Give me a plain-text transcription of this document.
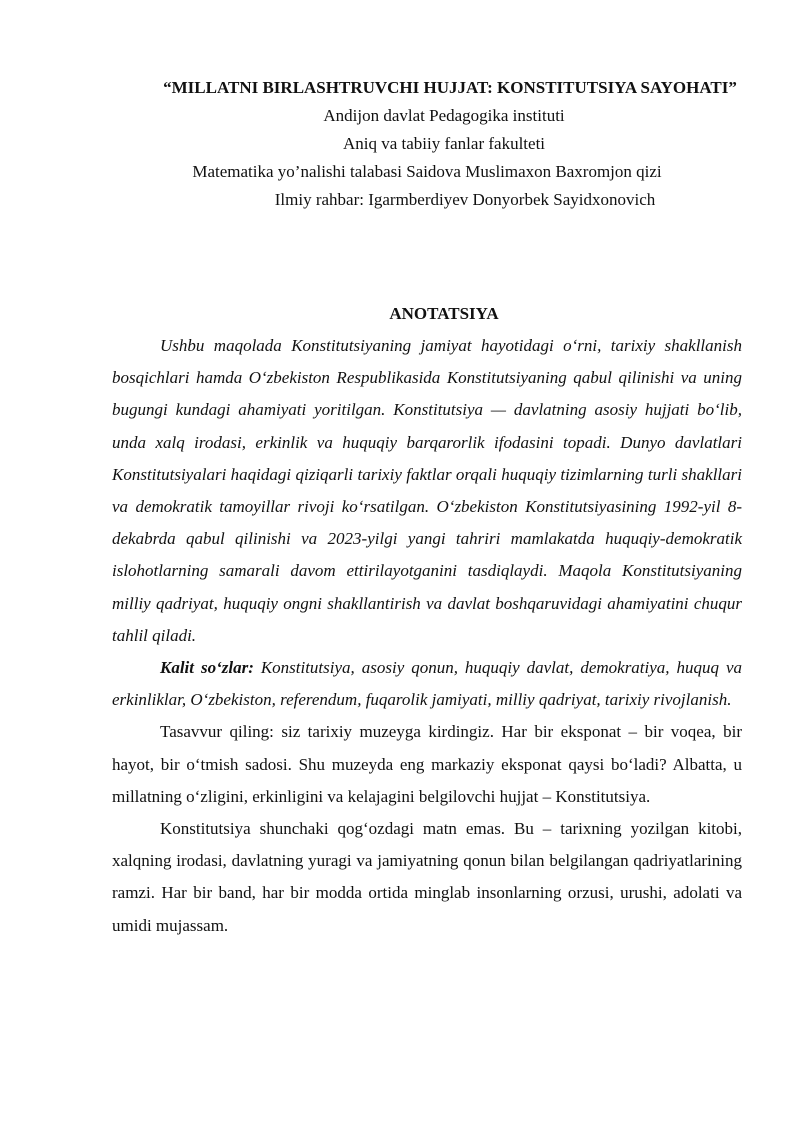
“MILLATNI BIRLASHTRUVCHI HUJJAT: KONSTITUTSIYA SAYOHATI”

Andijon davlat Pedagogika instituti

Aniq va tabiiy fanlar fakulteti

Matematika yo’nalishi talabasi Saidova Muslimaxon Baxromjon qizi

Ilmiy rahbar: Igarmberdiyev Donyorbek Sayidxonovich

ANOTATSIYA

Ushbu maqolada Konstitutsiyaning jamiyat hayotidagi o‘rni, tarixiy shakllanish bosqichlari hamda O‘zbekiston Respublikasida Konstitutsiyaning qabul qilinishi va uning bugungi kundagi ahamiyati yoritilgan. Konstitutsiya — davlatning asosiy hujjati bo‘lib, unda xalq irodasi, erkinlik va huquqiy barqarorlik ifodasini topadi. Dunyo davlatlari Konstitutsiyalari haqidagi qiziqarli tarixiy faktlar orqali huquqiy tizimlarning turli shakllari va demokratik tamoyillar rivoji ko‘rsatilgan. O‘zbekiston Konstitutsiyasining 1992-yil 8-dekabrda qabul qilinishi va 2023-yilgi yangi tahriri mamlakatda huquqiy-demokratik islohotlarning samarali davom ettirilayotganini tasdiqlaydi. Maqola Konstitutsiyaning milliy qadriyat, huquqiy ongni shakllantirish va davlat boshqaruvidagi ahamiyatini chuqur tahlil qiladi.

Kalit so‘zlar: Konstitutsiya, asosiy qonun, huquqiy davlat, demokratiya, huquq va erkinliklar, O‘zbekiston, referendum, fuqarolik jamiyati, milliy qadriyat, tarixiy rivojlanish.

Tasavvur qiling: siz tarixiy muzeyga kirdingiz. Har bir eksponat – bir voqea, bir hayot, bir o‘tmish sadosi. Shu muzeyda eng markaziy eksponat qaysi bo‘ladi? Albatta, u millatning o‘zligini, erkinligini va kelajagini belgilovchi hujjat – Konstitutsiya.

Konstitutsiya shunchaki qog‘ozdagi matn emas. Bu – tarixning yozilgan kitobi, xalqning irodasi, davlatning yuragi va jamiyatning qonun bilan belgilangan qadriyatlarining ramzi. Har bir band, har bir modda ortida minglab insonlarning orzusi, urushi, adolati va umidi mujassam.
